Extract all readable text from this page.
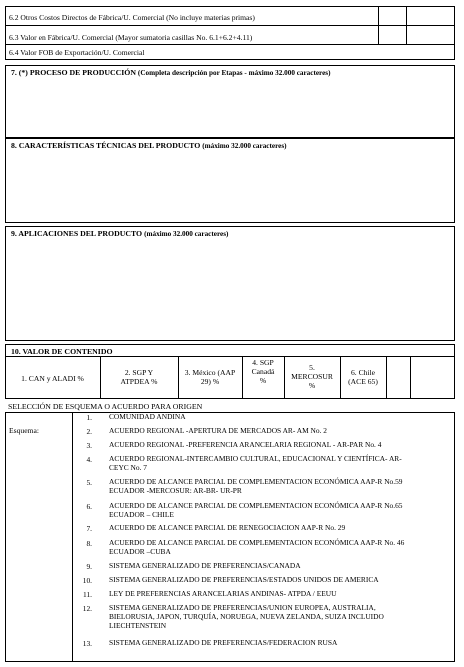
6.2 Otros Costos Directos de Fábrica/U. Comercial (No incluye materias primas)
6.3 Valor en Fábrica/U. Comercial (Mayor sumatoria casillas No. 6.1+6.2+4.11)
6.4 Valor FOB de Exportación/U. Comercial
7. (*) PROCESO DE PRODUCCIÓN (Completa descripción por Etapas - máximo 32.000 caracteres)
8. CARACTERÍSTICAS TÉCNICAS DEL PRODUCTO (máximo 32.000 caracteres)
9. APLICACIONES DEL PRODUCTO (máximo 32.000 caracteres)
10. VALOR DE CONTENIDO
1. CAN y ALADI %
2. SGP Y
ATPDEA %
3. México (AAP
29) %
4. SGP
Canadá
%
5.
MERCOSUR
%
6. Chile
(ACE 65)
SELECCIÓN DE ESQUEMA O ACUERDO PARA ORIGEN
Esquema:
1. COMUNIDAD ANDINA
2. ACUERDO REGIONAL -APERTURA DE MERCADOS AR- AM No. 2
3. ACUERDO REGIONAL -PREFERENCIA ARANCELARIA REGIONAL - AR-PAR No. 4
4. ACUERDO REGIONAL-INTERCAMBIO CULTURAL, EDUCACIONAL Y CIENTÍFICA- AR-
CEYC No. 7
5. ACUERDO DE ALCANCE PARCIAL DE COMPLEMENTACION ECONÓMICA AAP-R No.59
ECUADOR -MERCOSUR: AR-BR- UR-PR
6. ACUERDO DE ALCANCE PARCIAL DE COMPLEMENTACION ECONÓMICA AAP-R No.65
ECUADOR – CHILE
7. ACUERDO DE ALCANCE PARCIAL DE RENEGOCIACION AAP-R No. 29
8. ACUERDO DE ALCANCE PARCIAL DE COMPLEMENTACION ECONÓMICA AAP-R No. 46
ECUADOR –CUBA
9. SISTEMA GENERALIZADO DE PREFERENCIAS/CANADA
10. SISTEMA GENERALIZADO DE PREFERENCIAS/ESTADOS UNIDOS DE AMERICA
11. LEY DE PREFERENCIAS ARANCELARIAS ANDINAS- ATPDA / EEUU
12. SISTEMA GENERALIZADO DE PREFERENCIAS/UNION EUROPEA, AUSTRALIA,
BIELORUSIA, JAPON, TURQUÍA, NORUEGA, NUEVA ZELANDA, SUIZA INCLUIDO
LIECHTENSTEIN
13. SISTEMA GENERALIZADO DE PREFERENCIAS/FEDERACION RUSA
